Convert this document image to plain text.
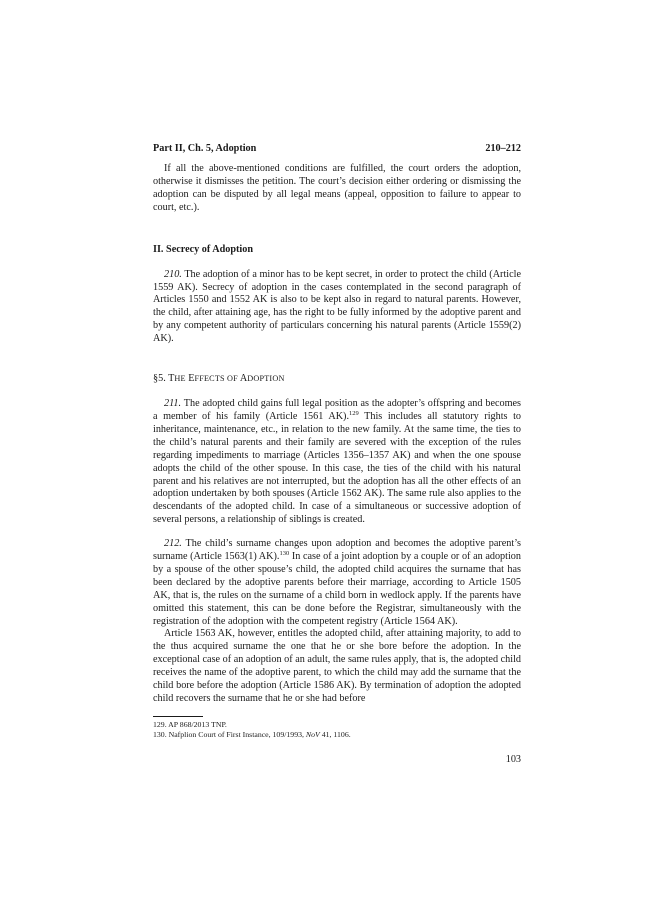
Part II, Ch. 5, Adoption	210–212

If all the above-mentioned conditions are fulfilled, the court orders the adoption, otherwise it dismisses the petition. The court’s decision either ordering or dismissing the adoption can be disputed by all legal means (appeal, opposition to failure to appear to court, etc.).

II. Secrecy of Adoption

210. The adoption of a minor has to be kept secret, in order to protect the child (Article 1559 AK). Secrecy of adoption in the cases contemplated in the second paragraph of Articles 1550 and 1552 AK is also to be kept also in regard to natural parents. However, the child, after attaining age, has the right to be fully informed by the adoptive parent and by any competent authority of particulars concerning his natural parents (Article 1559(2) AK).

§5. THE EFFECTS OF ADOPTION

211. The adopted child gains full legal position as the adopter’s offspring and becomes a member of his family (Article 1561 AK).$^{129}$ This includes all statutory rights to inheritance, maintenance, etc., in relation to the new family. At the same time, the ties to the child’s natural parents and their family are severed with the exception of the rules regarding impediments to marriage (Articles 1356–1357 AK) and when the one spouse adopts the child of the other spouse. In this case, the ties of the child with his natural parent and his relatives are not interrupted, but the adoption has all the other effects of an adoption undertaken by both spouses (Article 1562 AK). The same rule also applies to the descendants of the adopted child. In case of a simultaneous or successive adoption of several persons, a relationship of siblings is created.

212. The child’s surname changes upon adoption and becomes the adoptive parent’s surname (Article 1563(1) AK).$^{130}$ In case of a joint adoption by a couple or of an adoption by a spouse of the other spouse’s child, the adopted child acquires the surname that has been declared by the adoptive parents before their marriage, according to Article 1505 AK, that is, the rules on the surname of a child born in wedlock apply. If the parents have omitted this statement, this can be done before the Registrar, simultaneously with the registration of the adoption with the competent registry (Article 1564 AK).

Article 1563 AK, however, entitles the adopted child, after attaining majority, to add to the thus acquired surname the one that he or she bore before the adoption. In the exceptional case of an adoption of an adult, the same rules apply, that is, the adopted child receives the name of the adoptive parent, to which the child may add the surname that the child bore before the adoption (Article 1586 AK). By termination of adoption the adopted child recovers the surname that he or she had before

129. AP 868/2013 TNP.
130. Nafplion Court of First Instance, 109/1993, NoV 41, 1106.
103
